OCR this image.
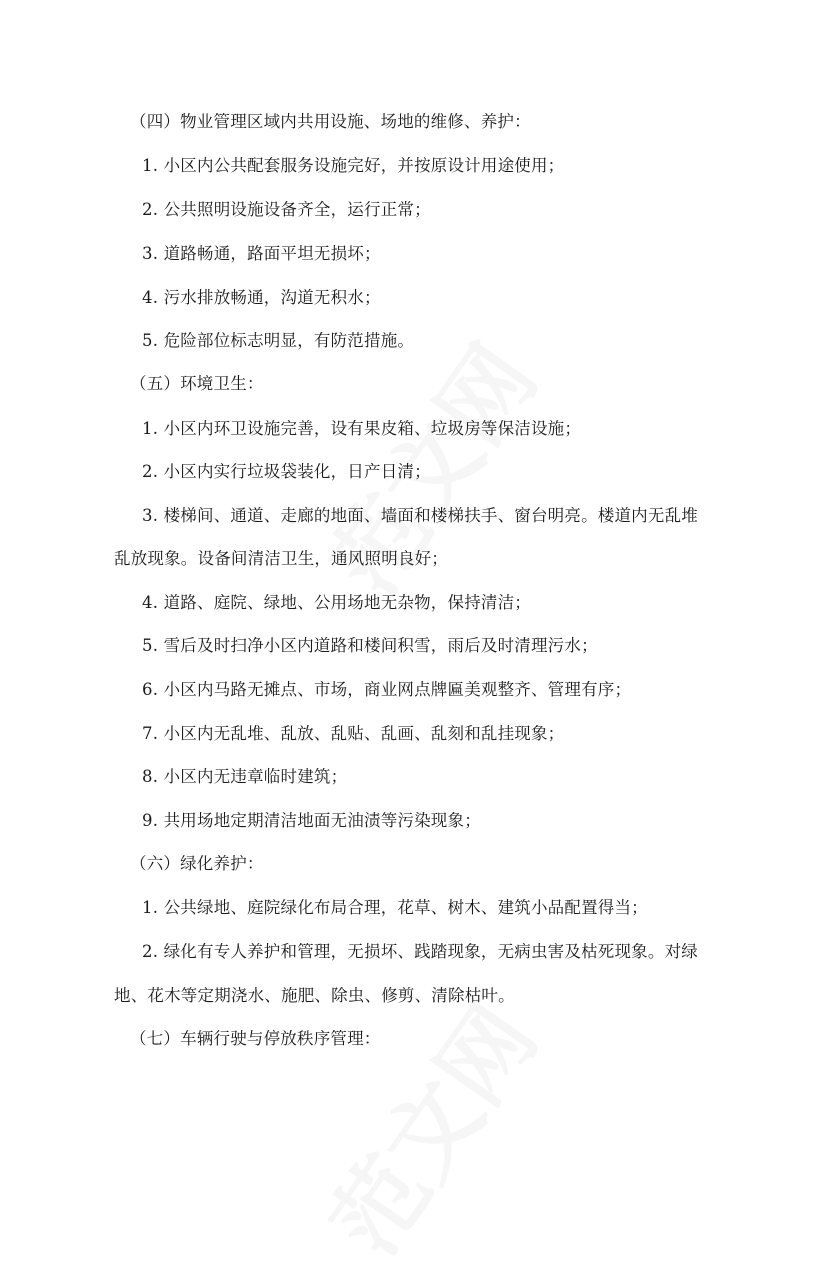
（四）物业管理区域内共用设施、场地的维修、养护：
1. 小区内公共配套服务设施完好，并按原设计用途使用；
2. 公共照明设施设备齐全，运行正常；
3. 道路畅通，路面平坦无损坏；
4. 污水排放畅通，沟道无积水；
5. 危险部位标志明显，有防范措施。
（五）环境卫生：
1. 小区内环卫设施完善，设有果皮箱、垃圾房等保洁设施；
2. 小区内实行垃圾袋装化，日产日清；
3. 楼梯间、通道、走廊的地面、墙面和楼梯扶手、窗台明亮。楼道内无乱堆
乱放现象。设备间清洁卫生，通风照明良好；
4. 道路、庭院、绿地、公用场地无杂物，保持清洁；
5. 雪后及时扫净小区内道路和楼间积雪，雨后及时清理污水；
6. 小区内马路无摊点、市场，商业网点牌匾美观整齐、管理有序；
7. 小区内无乱堆、乱放、乱贴、乱画、乱刻和乱挂现象；
8. 小区内无违章临时建筑；
9. 共用场地定期清洁地面无油渍等污染现象；
（六）绿化养护：
1. 公共绿地、庭院绿化布局合理，花草、树木、建筑小品配置得当；
2. 绿化有专人养护和管理，无损坏、践踏现象，无病虫害及枯死现象。对绿
地、花木等定期浇水、施肥、除虫、修剪、清除枯叶。
（七）车辆行驶与停放秩序管理：
